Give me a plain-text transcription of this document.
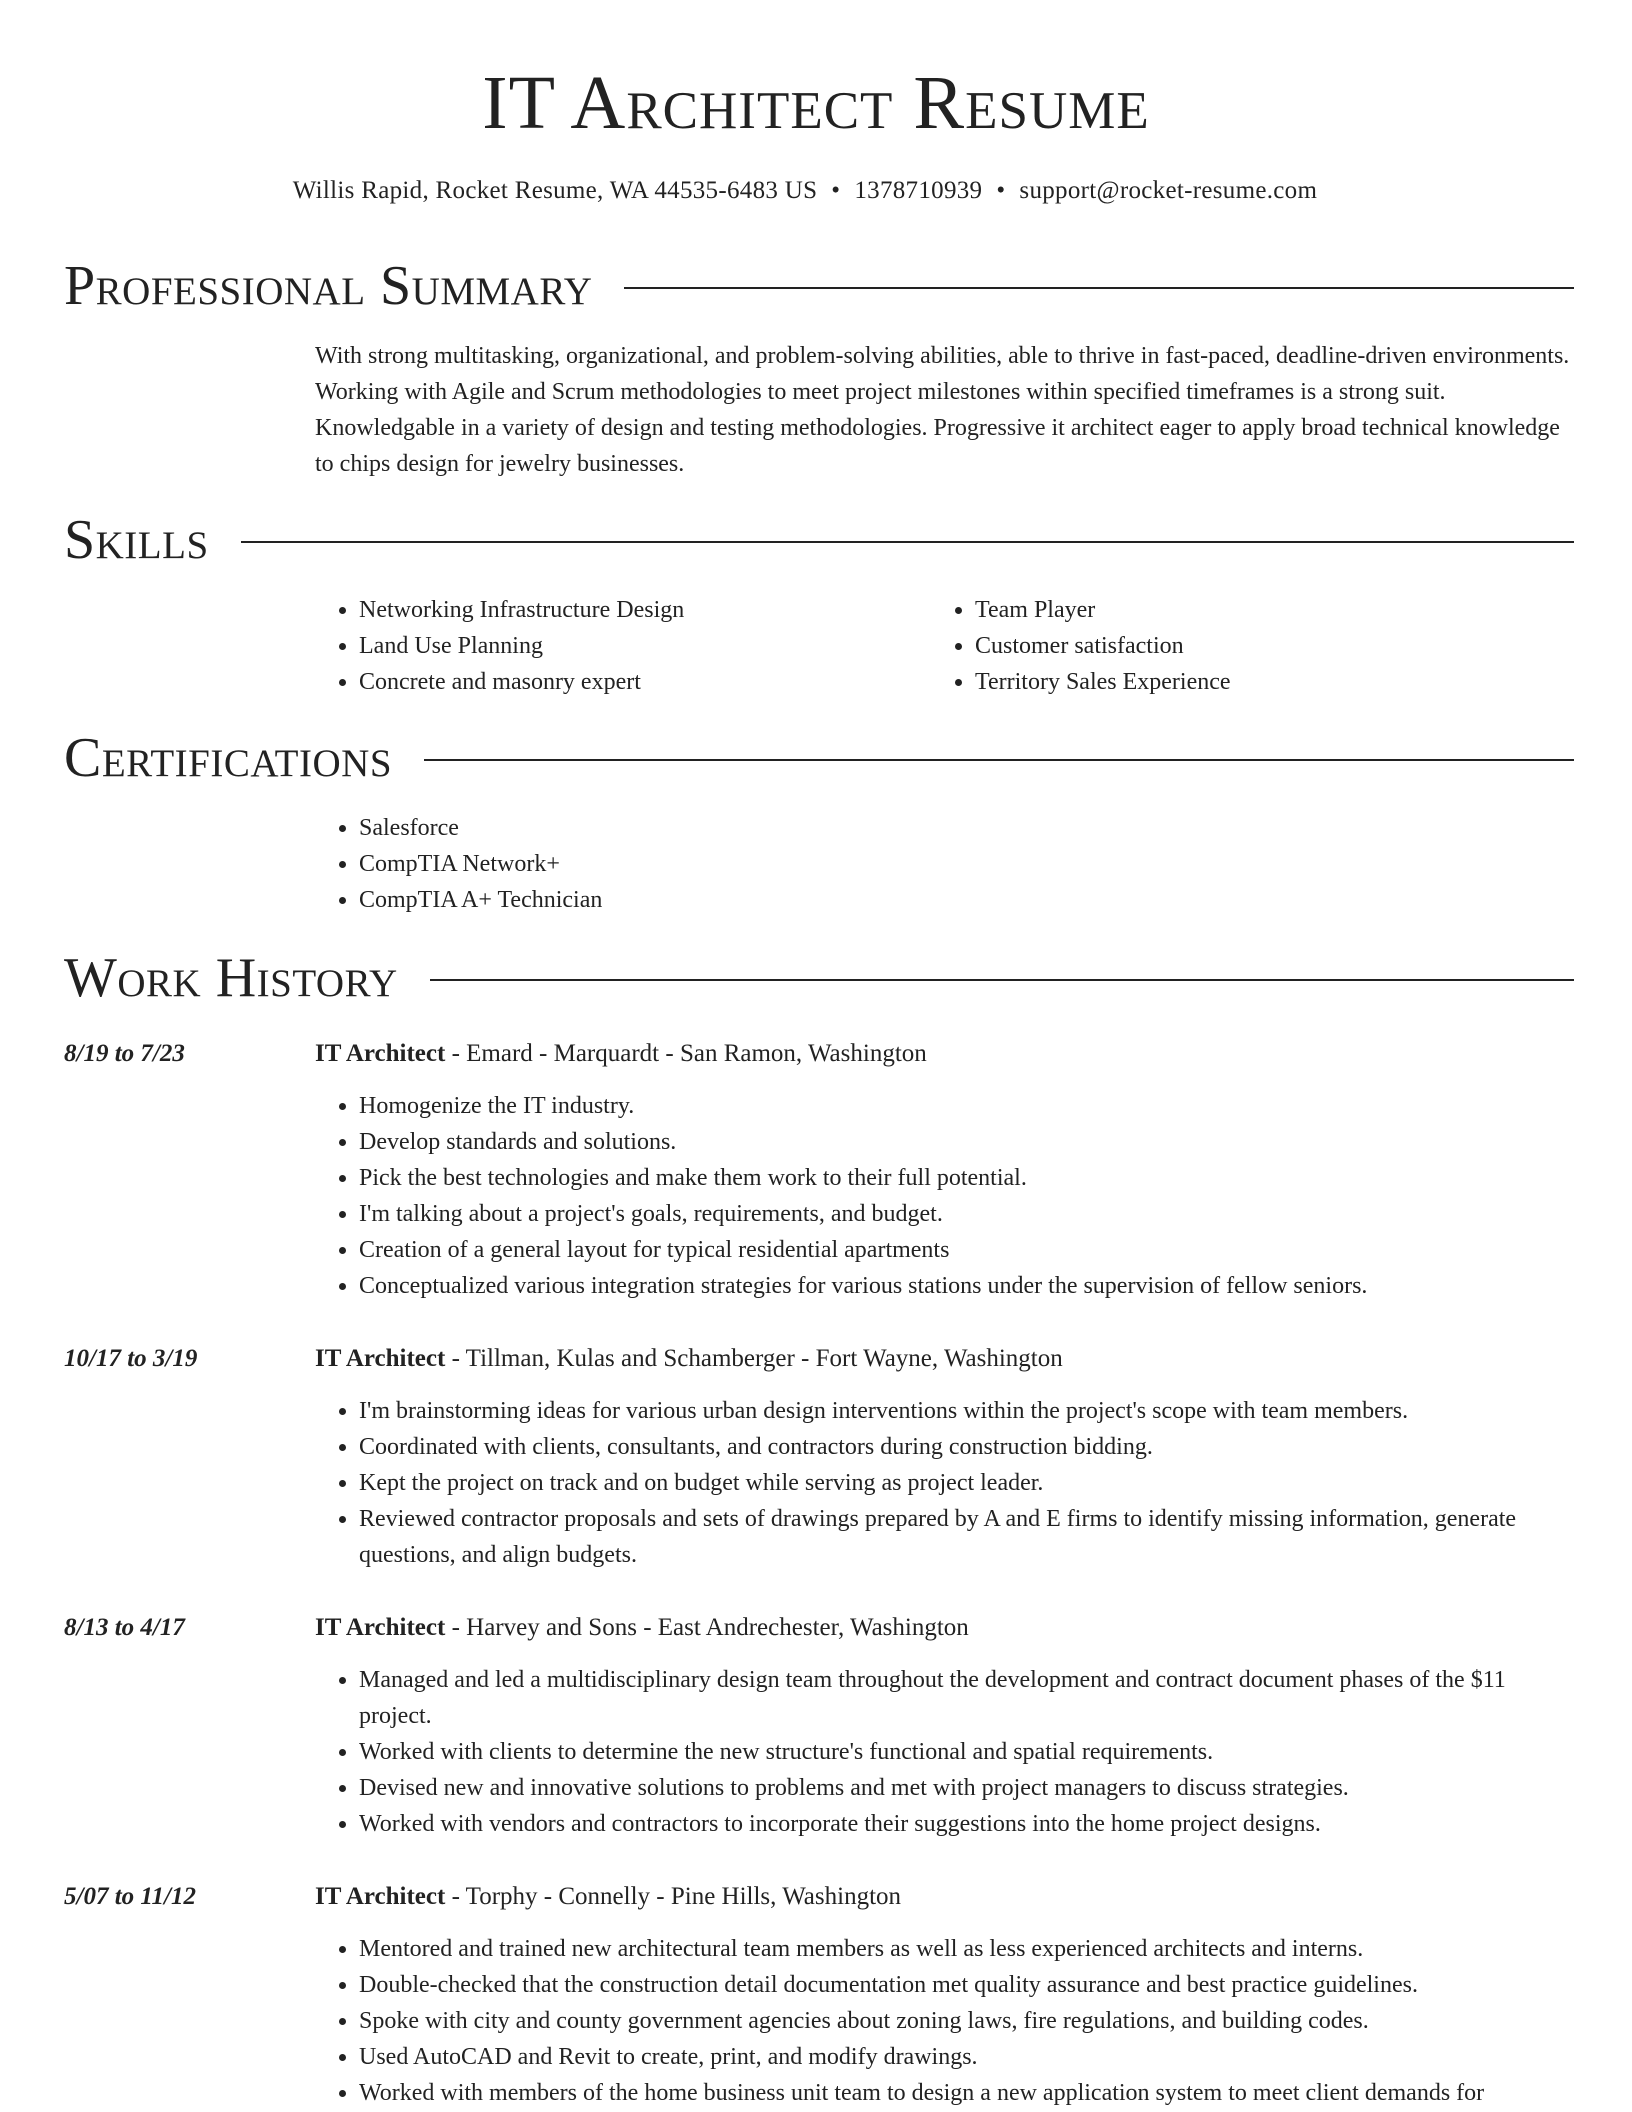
IT Architect Resume
Willis Rapid, Rocket Resume, WA 44535-6483 US • 1378710939 • support@rocket-resume.com
Professional Summary

With strong multitasking, organizational, and problem-solving abilities, able to thrive in fast-paced, deadline-driven environments. Working with Agile and Scrum methodologies to meet project milestones within specified timeframes is a strong suit. Knowledgable in a variety of design and testing methodologies. Progressive it architect eager to apply broad technical knowledge to chips design for jewelry businesses.

Skills
• Networking Infrastructure Design
• Land Use Planning
• Concrete and masonry expert
• Team Player
• Customer satisfaction
• Territory Sales Experience
Certifications
• Salesforce
• CompTIA Network+
• CompTIA A+ Technician
Work History
8/19 to 7/23	IT Architect - Emard - Marquardt - San Ramon, Washington
• Homogenize the IT industry.
• Develop standards and solutions.
• Pick the best technologies and make them work to their full potential.
• I'm talking about a project's goals, requirements, and budget.
• Creation of a general layout for typical residential apartments
• Conceptualized various integration strategies for various stations under the supervision of fellow seniors.
10/17 to 3/19	IT Architect - Tillman, Kulas and Schamberger - Fort Wayne, Washington
• I'm brainstorming ideas for various urban design interventions within the project's scope with team members.
• Coordinated with clients, consultants, and contractors during construction bidding.
• Kept the project on track and on budget while serving as project leader.
• Reviewed contractor proposals and sets of drawings prepared by A and E firms to identify missing information, generate questions, and align budgets.
8/13 to 4/17	IT Architect - Harvey and Sons - East Andrechester, Washington
• Managed and led a multidisciplinary design team throughout the development and contract document phases of the $11 project.
• Worked with clients to determine the new structure's functional and spatial requirements.
• Devised new and innovative solutions to problems and met with project managers to discuss strategies.
• Worked with vendors and contractors to incorporate their suggestions into the home project designs.
5/07 to 11/12	IT Architect - Torphy - Connelly - Pine Hills, Washington
• Mentored and trained new architectural team members as well as less experienced architects and interns.
• Double-checked that the construction detail documentation met quality assurance and best practice guidelines.
• Spoke with city and county government agencies about zoning laws, fire regulations, and building codes.
• Used AutoCAD and Revit to create, print, and modify drawings.
• Worked with members of the home business unit team to design a new application system to meet client demands for
